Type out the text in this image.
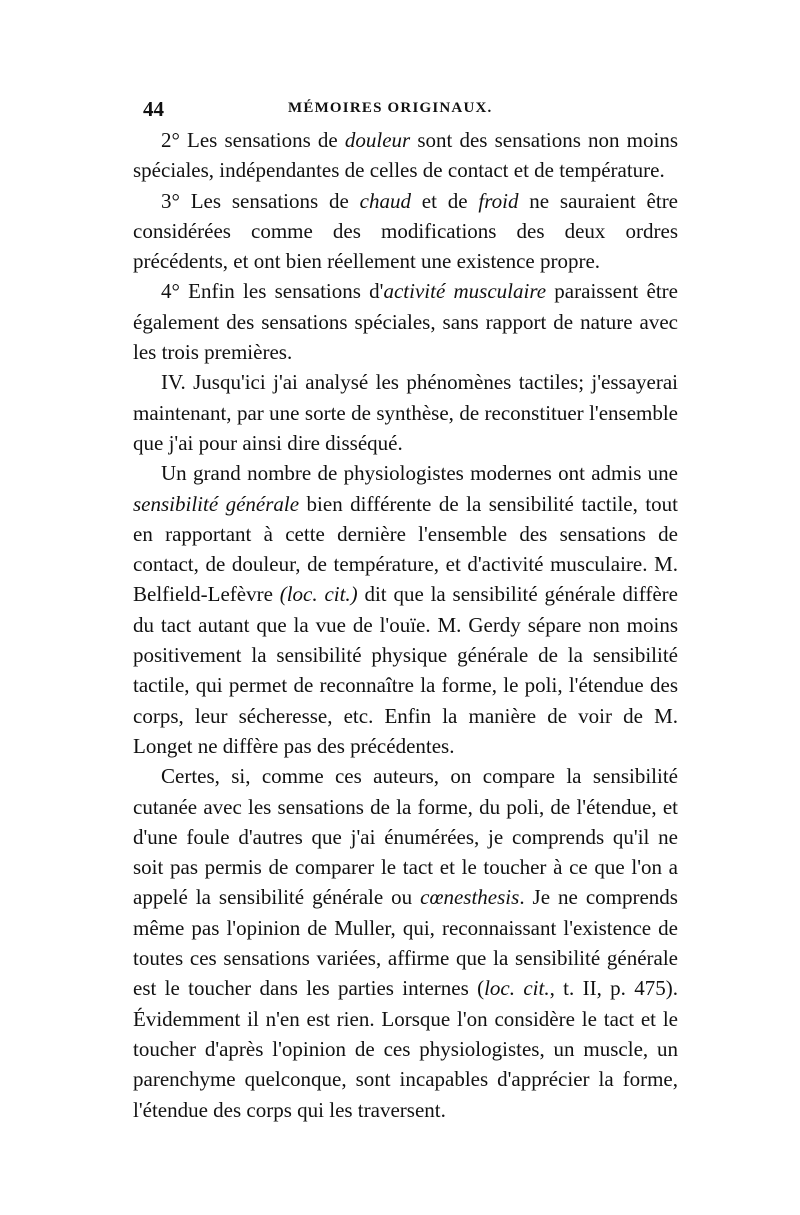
44	MÉMOIRES ORIGINAUX.

2° Les sensations de douleur sont des sensations non moins spéciales, indépendantes de celles de contact et de température.

3° Les sensations de chaud et de froid ne sauraient être considérées comme des modifications des deux ordres précédents, et ont bien réellement une existence propre.

4° Enfin les sensations d'activité musculaire paraissent être également des sensations spéciales, sans rapport de nature avec les trois premières.

IV. Jusqu'ici j'ai analysé les phénomènes tactiles; j'essayerai maintenant, par une sorte de synthèse, de reconstituer l'ensemble que j'ai pour ainsi dire disséqué.

Un grand nombre de physiologistes modernes ont admis une sensibilité générale bien différente de la sensibilité tactile, tout en rapportant à cette dernière l'ensemble des sensations de contact, de douleur, de température, et d'activité musculaire. M. Belfield-Lefèvre (loc. cit.) dit que la sensibilité générale diffère du tact autant que la vue de l'ouïe. M. Gerdy sépare non moins positivement la sensibilité physique générale de la sensibilité tactile, qui permet de reconnaître la forme, le poli, l'étendue des corps, leur sécheresse, etc. Enfin la manière de voir de M. Longet ne diffère pas des précédentes.

Certes, si, comme ces auteurs, on compare la sensibilité cutanée avec les sensations de la forme, du poli, de l'étendue, et d'une foule d'autres que j'ai énumérées, je comprends qu'il ne soit pas permis de comparer le tact et le toucher à ce que l'on a appelé la sensibilité générale ou cœnesthesis. Je ne comprends même pas l'opinion de Muller, qui, reconnaissant l'existence de toutes ces sensations variées, affirme que la sensibilité générale est le toucher dans les parties internes (loc. cit., t. II, p. 475). Évidemment il n'en est rien. Lorsque l'on considère le tact et le toucher d'après l'opinion de ces physiologistes, un muscle, un parenchyme quelconque, sont incapables d'apprécier la forme, l'étendue des corps qui les traversent.
